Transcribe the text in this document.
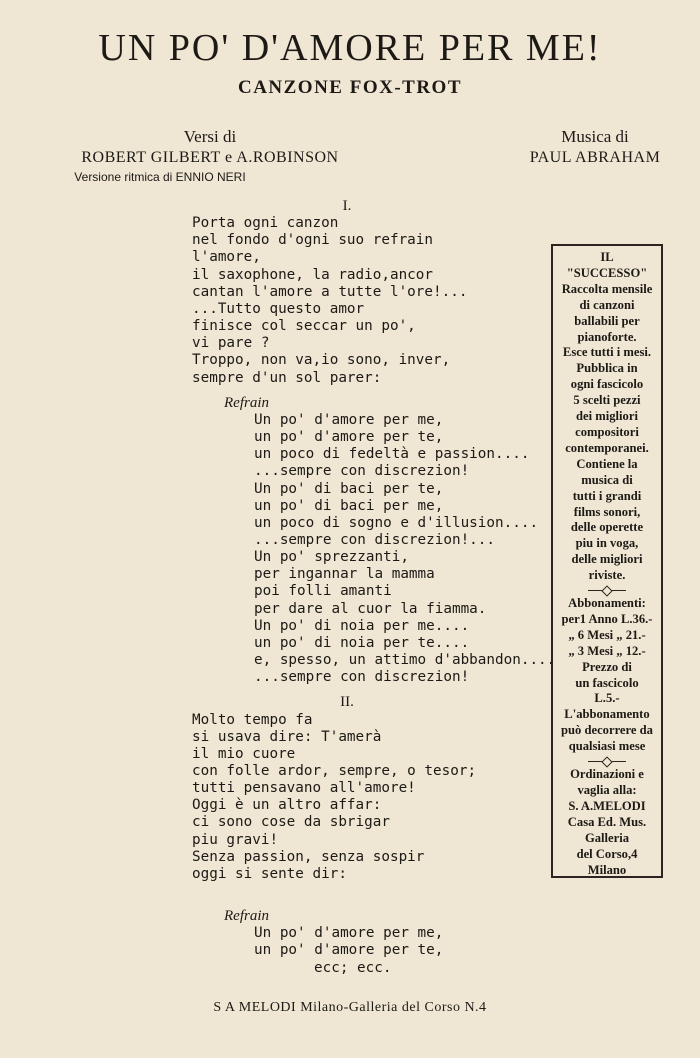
UN PO' D'AMORE PER ME!
CANZONE FOX-TROT
Versi di
ROBERT GILBERT e A.ROBINSON
Versione ritmica di ENNIO NERI
Musica di
PAUL ABRAHAM
I.
Porta ogni canzon
nel fondo d'ogni suo refrain
l'amore,
il saxophone, la radio,ancor
cantan l'amore a tutte l'ore!...
...Tutto questo amor
finisce col seccar un po',
vi pare ?
Troppo, non va,io sono, inver,
sempre d'un sol parer:
Refrain
Un po' d'amore per me,
un po' d'amore per te,
un poco di fedeltà e passion....
...sempre con discrezion!
Un po' di baci per te,
un po' di baci per me,
un poco di sogno e d'illusion....
...sempre con discrezion!...
Un po' sprezzanti,
per ingannar la mamma
poi folli amanti
per dare al cuor la fiamma.
Un po' di noia per me....
un po' di noia per te....
e, spesso, un attimo d'abbandon....
...sempre con discrezion!
II.
Molto tempo fa
si usava dire: T'amerà
il mio cuore
con folle ardor, sempre, o tesor;
tutti pensavano all'amore!
Oggi è un altro affar:
ci sono cose da sbrigar
piu gravi!
Senza passion, senza sospir
oggi si sente dir:
Refrain
Un po' d'amore per me,
un po' d'amore per te,
ecc; ecc.
IL
"SUCCESSO"
Raccolta mensile
di canzoni
ballabili per
pianoforte.
Esce tutti i mesi.
Pubblica in
ogni fascicolo
5 scelti pezzi
dei migliori
compositori
contemporanei.
Contiene la
musica di
tutti i grandi
films sonori,
delle operette
piu in voga,
delle migliori
riviste.
Abbonamenti:
per1 Anno L.36.-
„ 6 Mesi „ 21.-
„ 3 Mesi „ 12.-
Prezzo di
un fascicolo
L.5.-
L'abbonamento
può decorrere da
qualsiasi mese
Ordinazioni e
vaglia alla:
S. A.MELODI
Casa Ed. Mus.
Galleria
del Corso,4
Milano
S A MELODI Milano-Galleria del Corso N.4
